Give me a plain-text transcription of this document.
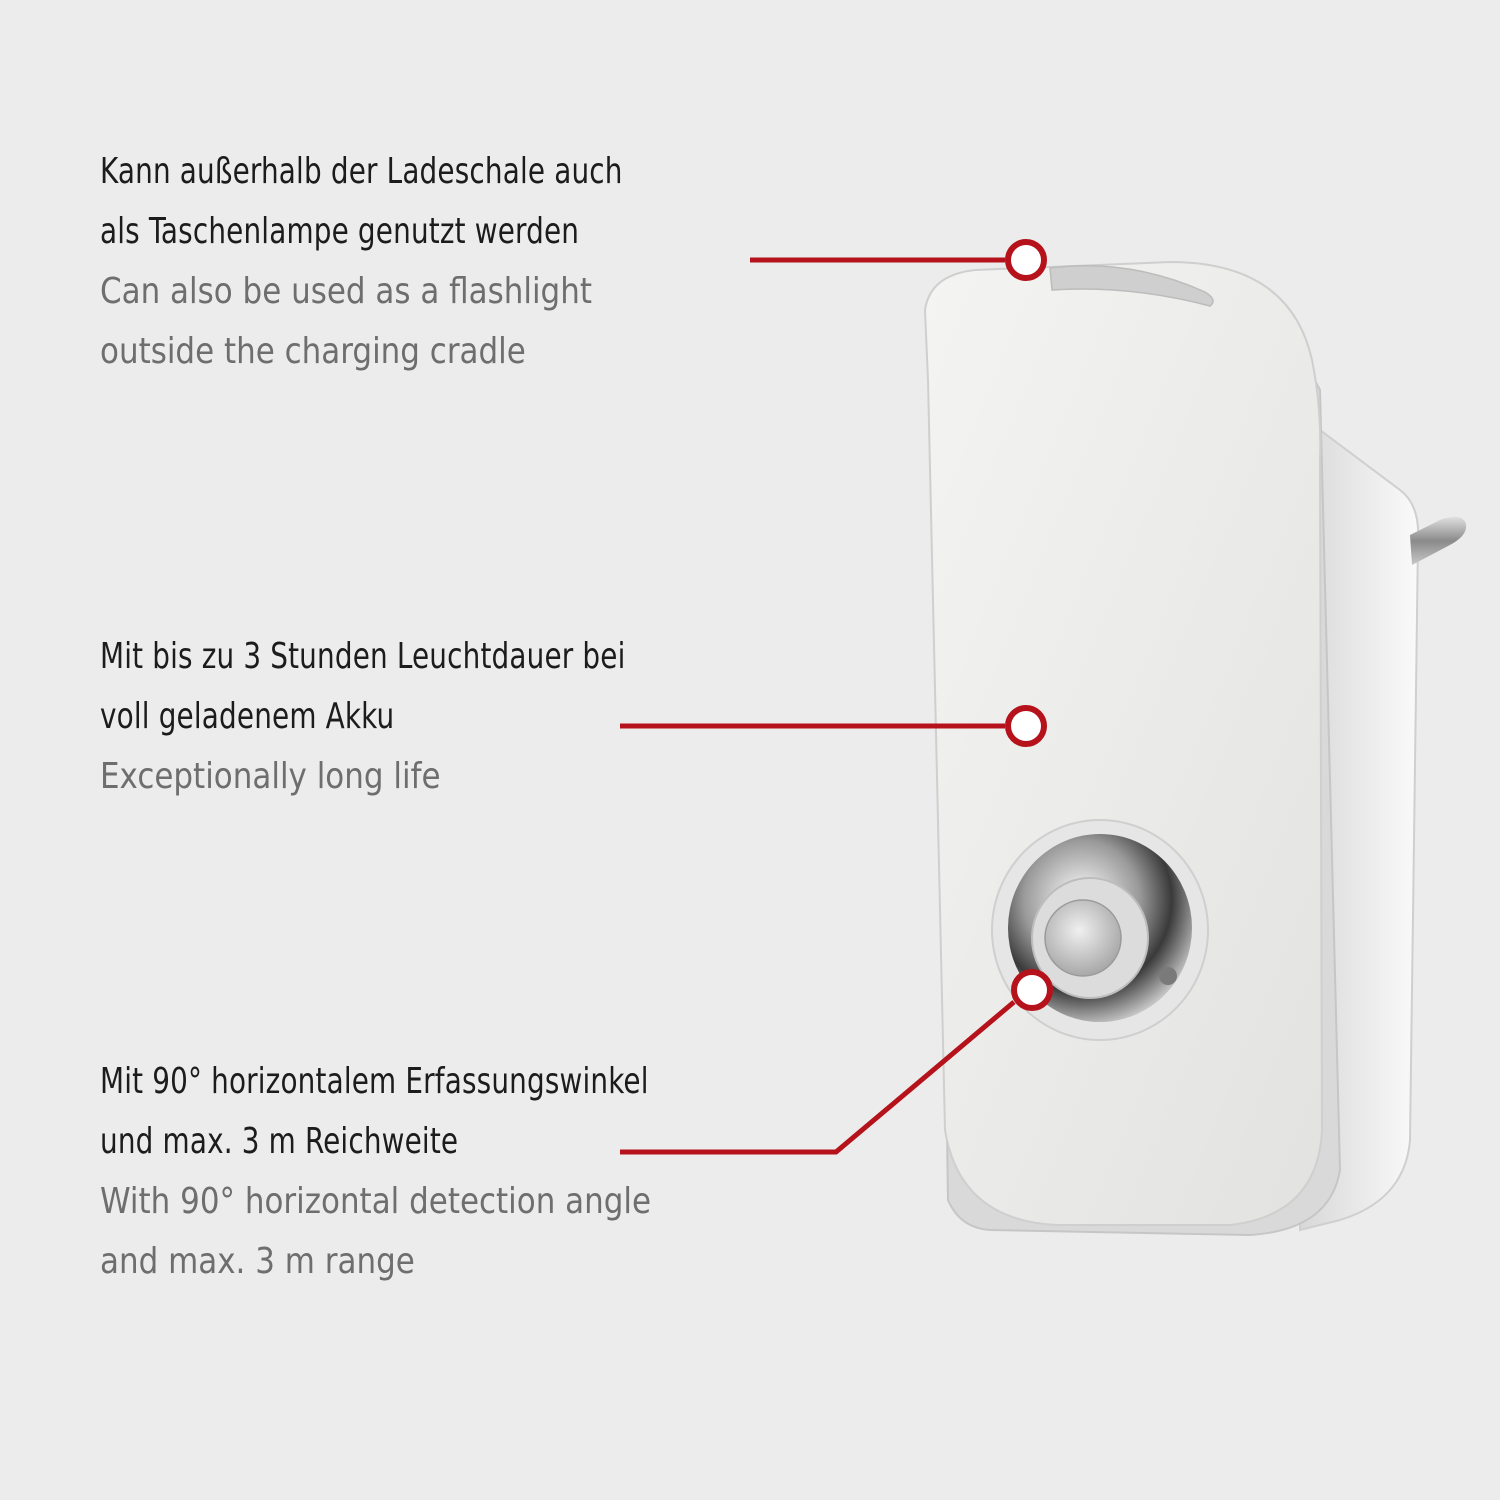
Kann außerhalb der Ladeschale auch
als Taschenlampe genutzt werden
Can also be used as a flashlight
outside the charging cradle
Mit bis zu 3 Stunden Leuchtdauer bei
voll geladenem Akku
Exceptionally long life
Mit 90° horizontalem Erfassungswinkel
und max. 3 m Reichweite
With 90° horizontal detection angle
and max. 3 m range
